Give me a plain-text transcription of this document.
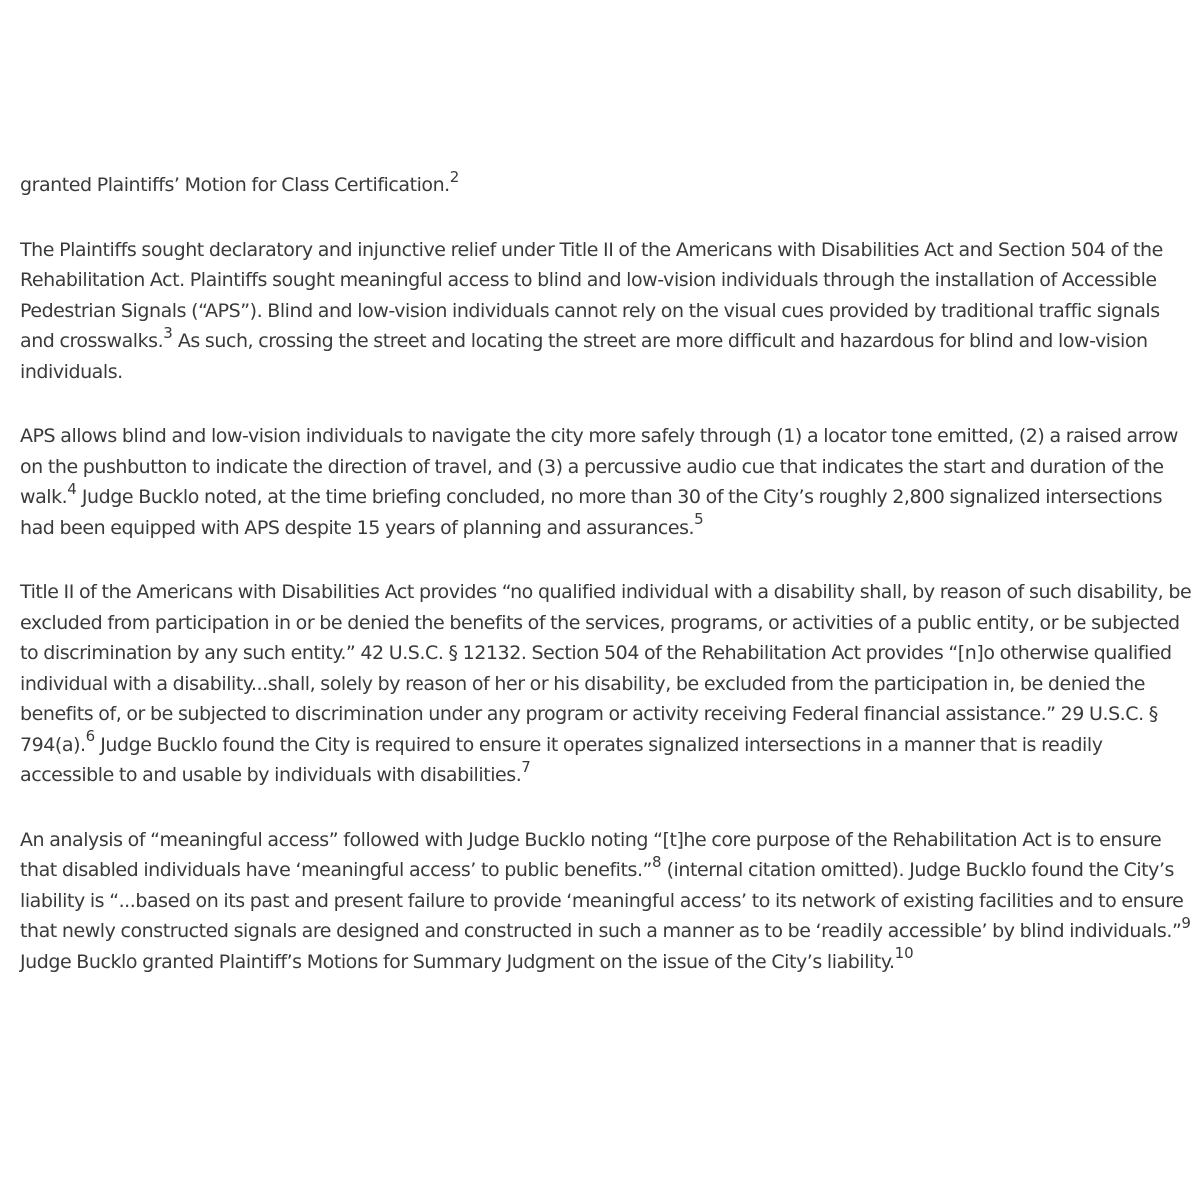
granted Plaintiffs’ Motion for Class Certification.$^2$

The Plaintiffs sought declaratory and injunctive relief under Title II of the Americans with Disabilities Act and Section 504 of the Rehabilitation Act. Plaintiffs sought meaningful access to blind and low-vision individuals through the installation of Accessible Pedestrian Signals (“APS”). Blind and low-vision individuals cannot rely on the visual cues provided by traditional traffic signals and crosswalks.$^3$ As such, crossing the street and locating the street are more difficult and hazardous for blind and low-vision individuals.

APS allows blind and low-vision individuals to navigate the city more safely through (1) a locator tone emitted, (2) a raised arrow on the pushbutton to indicate the direction of travel, and (3) a percussive audio cue that indicates the start and duration of the walk.$^4$ Judge Bucklo noted, at the time briefing concluded, no more than 30 of the City’s roughly 2,800 signalized intersections had been equipped with APS despite 15 years of planning and assurances.$^5$

Title II of the Americans with Disabilities Act provides “no qualified individual with a disability shall, by reason of such disability, be excluded from participation in or be denied the benefits of the services, programs, or activities of a public entity, or be subjected to discrimination by any such entity.” 42 U.S.C. § 12132. Section 504 of the Rehabilitation Act provides “[n]o otherwise qualified individual with a disability...shall, solely by reason of her or his disability, be excluded from the participation in, be denied the benefits of, or be subjected to discrimination under any program or activity receiving Federal financial assistance.” 29 U.S.C. § 794(a).$^6$ Judge Bucklo found the City is required to ensure it operates signalized intersections in a manner that is readily accessible to and usable by individuals with disabilities.$^7$

An analysis of “meaningful access” followed with Judge Bucklo noting “[t]he core purpose of the Rehabilitation Act is to ensure that disabled individuals have ‘meaningful access’ to public benefits.”$^8$ (internal citation omitted). Judge Bucklo found the City’s liability is “...based on its past and present failure to provide ‘meaningful access’ to its network of existing facilities and to ensure that newly constructed signals are designed and constructed in such a manner as to be ‘readily accessible’ by blind individuals.”$^9$ Judge Bucklo granted Plaintiff’s Motions for Summary Judgment on the issue of the City’s liability.$^{10}$
